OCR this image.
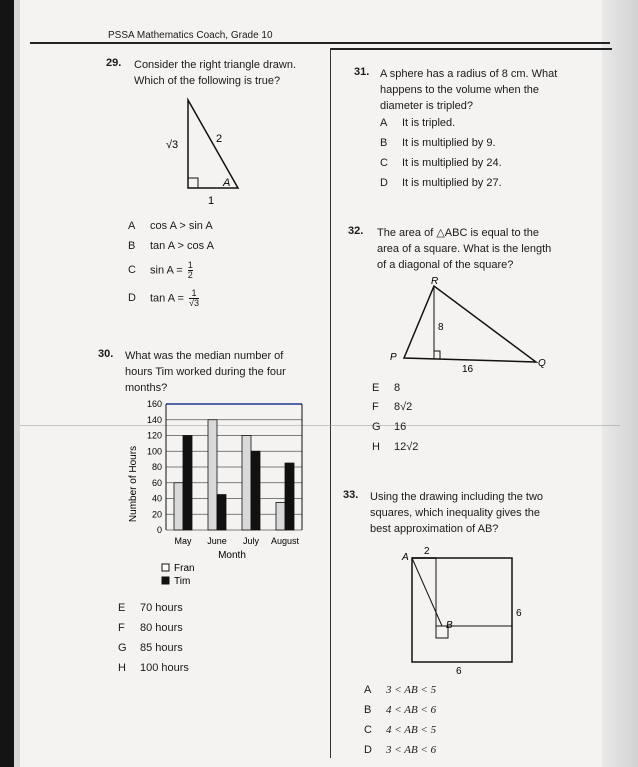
PSSA Mathematics Coach, Grade 10
29. Consider the right triangle drawn.
Which of the following is true?
√3	2
1
A
A cos A > sin A
B tan A > cos A
C $\sin A = \frac{1}{2}$
D $\tan A = \frac{1}{√3}$
30. What was the median number of
hours Tim worked during the four
months?
0
20
40
60
80
100
120
140
160
May June July August
Number of Hours
Month
Fran
Tim
E 70 hours
F 80 hours
G 85 hours
H 100 hours
31. A sphere has a radius of 8 cm. What
happens to the volume when the
diameter is tripled?
A It is tripled.
B It is multiplied by 9.
C It is multiplied by 24.
D It is multiplied by 27.
32. The area of △ABC is equal to the
area of a square. What is the length
of a diagonal of the square?
R
P
Q
8
16
E 8
F 8√2
G 16
H 12√2
33. Using the drawing including the two
squares, which inequality gives the
best approximation of AB?
A
B
2
6
6
A 3 < AB < 5
B 4 < AB < 6
C 4 < AB < 5
D 3 < AB < 6
